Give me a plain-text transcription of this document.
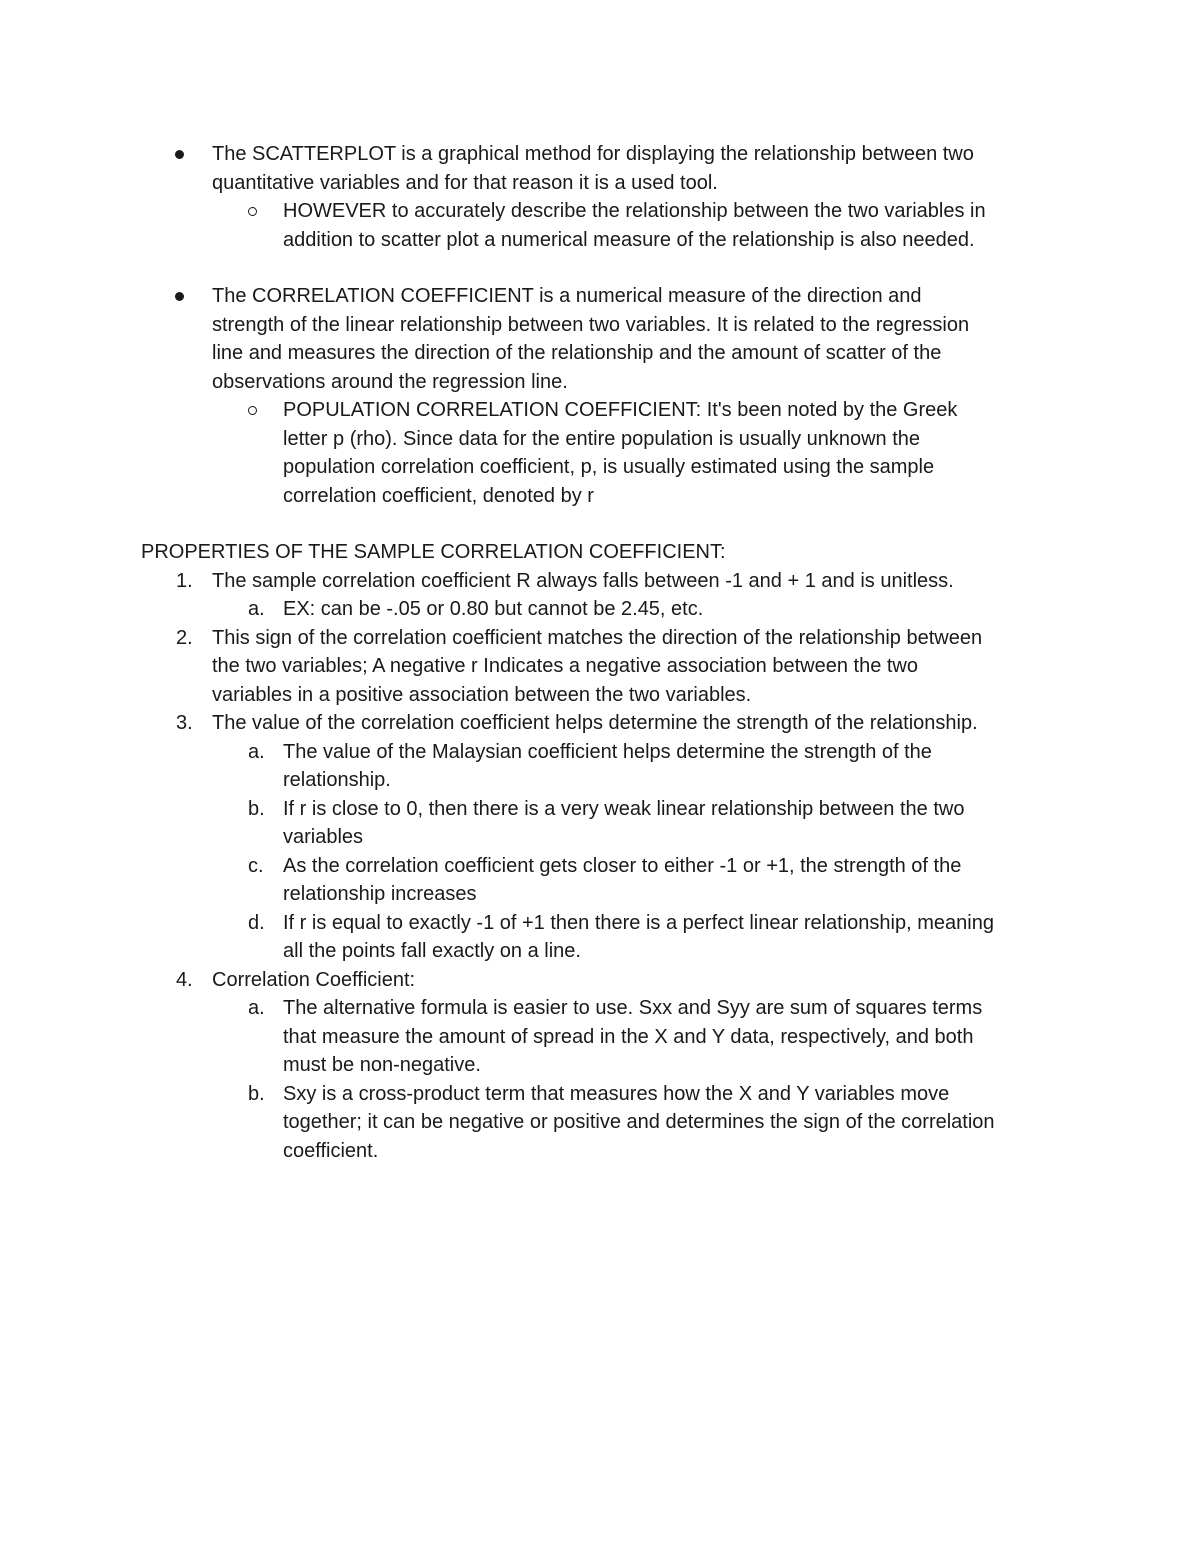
The SCATTERPLOT is a graphical method for displaying the relationship between two
quantitative variables and for that reason it is a used tool.
HOWEVER to accurately describe the relationship between the two variables in
addition to scatter plot a numerical measure of the relationship is also needed.
The CORRELATION COEFFICIENT is a numerical measure of the direction and
strength of the linear relationship between two variables. It is related to the regression
line and measures the direction of the relationship and the amount of scatter of the
observations around the regression line.
POPULATION CORRELATION COEFFICIENT: It's been noted by the Greek
letter p (rho). Since data for the entire population is usually unknown the
population correlation coefficient, p, is usually estimated using the sample
correlation coefficient, denoted by r
PROPERTIES OF THE SAMPLE CORRELATION COEFFICIENT:
1. The sample correlation coefficient R always falls between -1 and + 1 and is unitless.
a. EX: can be -.05 or 0.80 but cannot be 2.45, etc.
2. This sign of the correlation coefficient matches the direction of the relationship between
the two variables; A negative r Indicates a negative association between the two
variables in a positive association between the two variables.
3. The value of the correlation coefficient helps determine the strength of the relationship.
a. The value of the Malaysian coefficient helps determine the strength of the
relationship.
b. If r is close to 0, then there is a very weak linear relationship between the two
variables
c. As the correlation coefficient gets closer to either -1 or +1, the strength of the
relationship increases
d. If r is equal to exactly -1 of +1 then there is a perfect linear relationship, meaning
all the points fall exactly on a line.
4. Correlation Coefficient:
a. The alternative formula is easier to use. Sxx and Syy are sum of squares terms
that measure the amount of spread in the X and Y data, respectively, and both
must be non-negative.
b. Sxy is a cross-product term that measures how the X and Y variables move
together; it can be negative or positive and determines the sign of the correlation
coefficient.
